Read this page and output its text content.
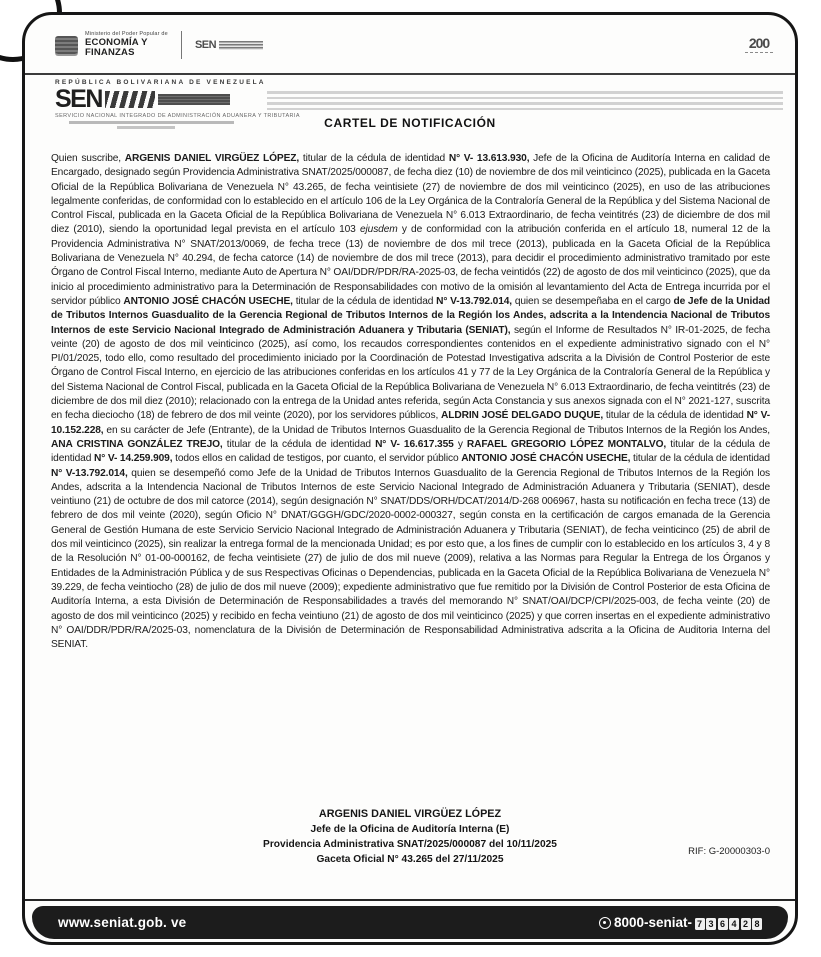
Ministerio del Poder Popular de
ECONOMÍA Y
FINANZAS
SEN	200
REPÚBLICA BOLIVARIANA DE VENEZUELA
SEN
SERVICIO NACIONAL INTEGRADO DE ADMINISTRACIÓN ADUANERA Y TRIBUTARIA	CARTEL DE NOTIFICACIÓN
Quien suscribe, ARGENIS DANIEL VIRGÜEZ LÓPEZ, titular de la cédula de identidad N° V- 13.613.930, Jefe de la Oficina de Auditoría Interna en calidad de Encargado, designado según Providencia Administrativa SNAT/2025/000087, de fecha diez (10) de noviembre de dos mil veinticinco (2025), publicada en la Gaceta Oficial de la República Bolivariana de Venezuela N° 43.265, de fecha veintisiete (27) de noviembre de dos mil veinticinco (2025), en uso de las atribuciones legalmente conferidas, de conformidad con lo establecido en el artículo 106 de la Ley Orgánica de la Contraloría General de la República y del Sistema Nacional de Control Fiscal, publicada en la Gaceta Oficial de la República Bolivariana de Venezuela N° 6.013 Extraordinario, de fecha veintitrés (23) de diciembre de dos mil diez (2010), siendo la oportunidad legal prevista en el artículo 103 ejusdem y de conformidad con la atribución conferida en el artículo 18, numeral 12 de la Providencia Administrativa N° SNAT/2013/0069, de fecha trece (13) de noviembre de dos mil trece (2013), publicada en la Gaceta Oficial de la República Bolivariana de Venezuela N° 40.294, de fecha catorce (14) de noviembre de dos mil trece (2013), para decidir el procedimiento administrativo tramitado por este Órgano de Control Fiscal Interno, mediante Auto de Apertura N° OAI/DDR/PDR/RA-2025-03, de fecha veintidós (22) de agosto de dos mil veinticinco (2025), que da inicio al procedimiento administrativo para la Determinación de Responsabilidades con motivo de la omisión al levantamiento del Acta de Entrega incurrida por el servidor público ANTONIO JOSÉ CHACÓN USECHE, titular de la cédula de identidad N° V-13.792.014, quien se desempeñaba en el cargo de Jefe de la Unidad de Tributos Internos Guasdualito de la Gerencia Regional de Tributos Internos de la Región los Andes, adscrita a la Intendencia Nacional de Tributos Internos de este Servicio Nacional Integrado de Administración Aduanera y Tributaria (SENIAT), según el Informe de Resultados N° IR-01-2025, de fecha veinte (20) de agosto de dos mil veinticinco (2025), así como, los recaudos correspondientes contenidos en el expediente administrativo signado con el N° PI/01/2025, todo ello, como resultado del procedimiento iniciado por la Coordinación de Potestad Investigativa adscrita a la División de Control Posterior de este Órgano de Control Fiscal Interno, en ejercicio de las atribuciones conferidas en los artículos 41 y 77 de la Ley Orgánica de la Contraloría General de la República y del Sistema Nacional de Control Fiscal, publicada en la Gaceta Oficial de la República Bolivariana de Venezuela N° 6.013 Extraordinario, de fecha veintitrés (23) de diciembre de dos mil diez (2010); relacionado con la entrega de la Unidad antes referida, según Acta Constancia y sus anexos signada con el N° 2021-127, suscrita en fecha dieciocho (18) de febrero de dos mil veinte (2020), por los servidores públicos, ALDRIN JOSÉ DELGADO DUQUE, titular de la cédula de identidad N° V-10.152.228, en su carácter de Jefe (Entrante), de la Unidad de Tributos Internos Guasdualito de la Gerencia Regional de Tributos Internos de la Región los Andes, ANA CRISTINA GONZÁLEZ TREJO, titular de la cédula de identidad N° V- 16.617.355 y RAFAEL GREGORIO LÓPEZ MONTALVO, titular de la cédula de identidad N° V- 14.259.909, todos ellos en calidad de testigos, por cuanto, el servidor público ANTONIO JOSÉ CHACÓN USECHE, titular de la cédula de identidad N° V-13.792.014, quien se desempeñó como Jefe de la Unidad de Tributos Internos Guasdualito de la Gerencia Regional de Tributos Internos de la Región los Andes, adscrita a la Intendencia Nacional de Tributos Internos de este Servicio Nacional Integrado de Administración Aduanera y Tributaria (SENIAT), desde veintiuno (21) de octubre de dos mil catorce (2014), según designación N° SNAT/DDS/ORH/DCAT/2014/D-268 006967, hasta su notificación en fecha trece (13) de febrero de dos mil veinte (2020), según Oficio N° DNAT/GGGH/GDC/2020-0002-000327, según consta en la certificación de cargos emanada de la Gerencia General de Gestión Humana de este Servicio Servicio Nacional Integrado de Administración Aduanera y Tributaria (SENIAT), de fecha veinticinco (25) de abril de dos mil veinticinco (2025), sin realizar la entrega formal de la mencionada Unidad; es por esto que, a los fines de cumplir con lo establecido en los artículos 3, 4 y 8 de la Resolución N° 01-00-000162, de fecha veintisiete (27) de julio de dos mil nueve (2009), relativa a las Normas para Regular la Entrega de los Órganos y Entidades de la Administración Pública y de sus Respectivas Oficinas o Dependencias, publicada en la Gaceta Oficial de la República Bolivariana de Venezuela N° 39.229, de fecha veintiocho (28) de julio de dos mil nueve (2009); expediente administrativo que fue remitido por la División de Control Posterior de esta Oficina de Auditoría Interna, a esta División de Determinación de Responsabilidades a través del memorando N° SNAT/OAI/DCP/CPI/2025-003, de fecha veinte (20) de agosto de dos mil veinticinco (2025) y recibido en fecha veintiuno (21) de agosto de dos mil veinticinco (2025) y que corren insertas en el expediente administrativo N° OAI/DDR/PDR/RA/2025-03, nomenclatura de la División de Determinación de Responsabilidad Administrativa adscrita a la Oficina de Auditoria Interna del SENIAT.
ARGENIS DANIEL VIRGÜEZ LÓPEZ
Jefe de la Oficina de Auditoría Interna (E)
Providencia Administrativa SNAT/2025/000087 del 10/11/2025
Gaceta Oficial N° 43.265 del 27/11/2025
RIF: G-20000303-0
www.seniat.gob. ve	8000-seniat- 7 3 6 4 2 8
